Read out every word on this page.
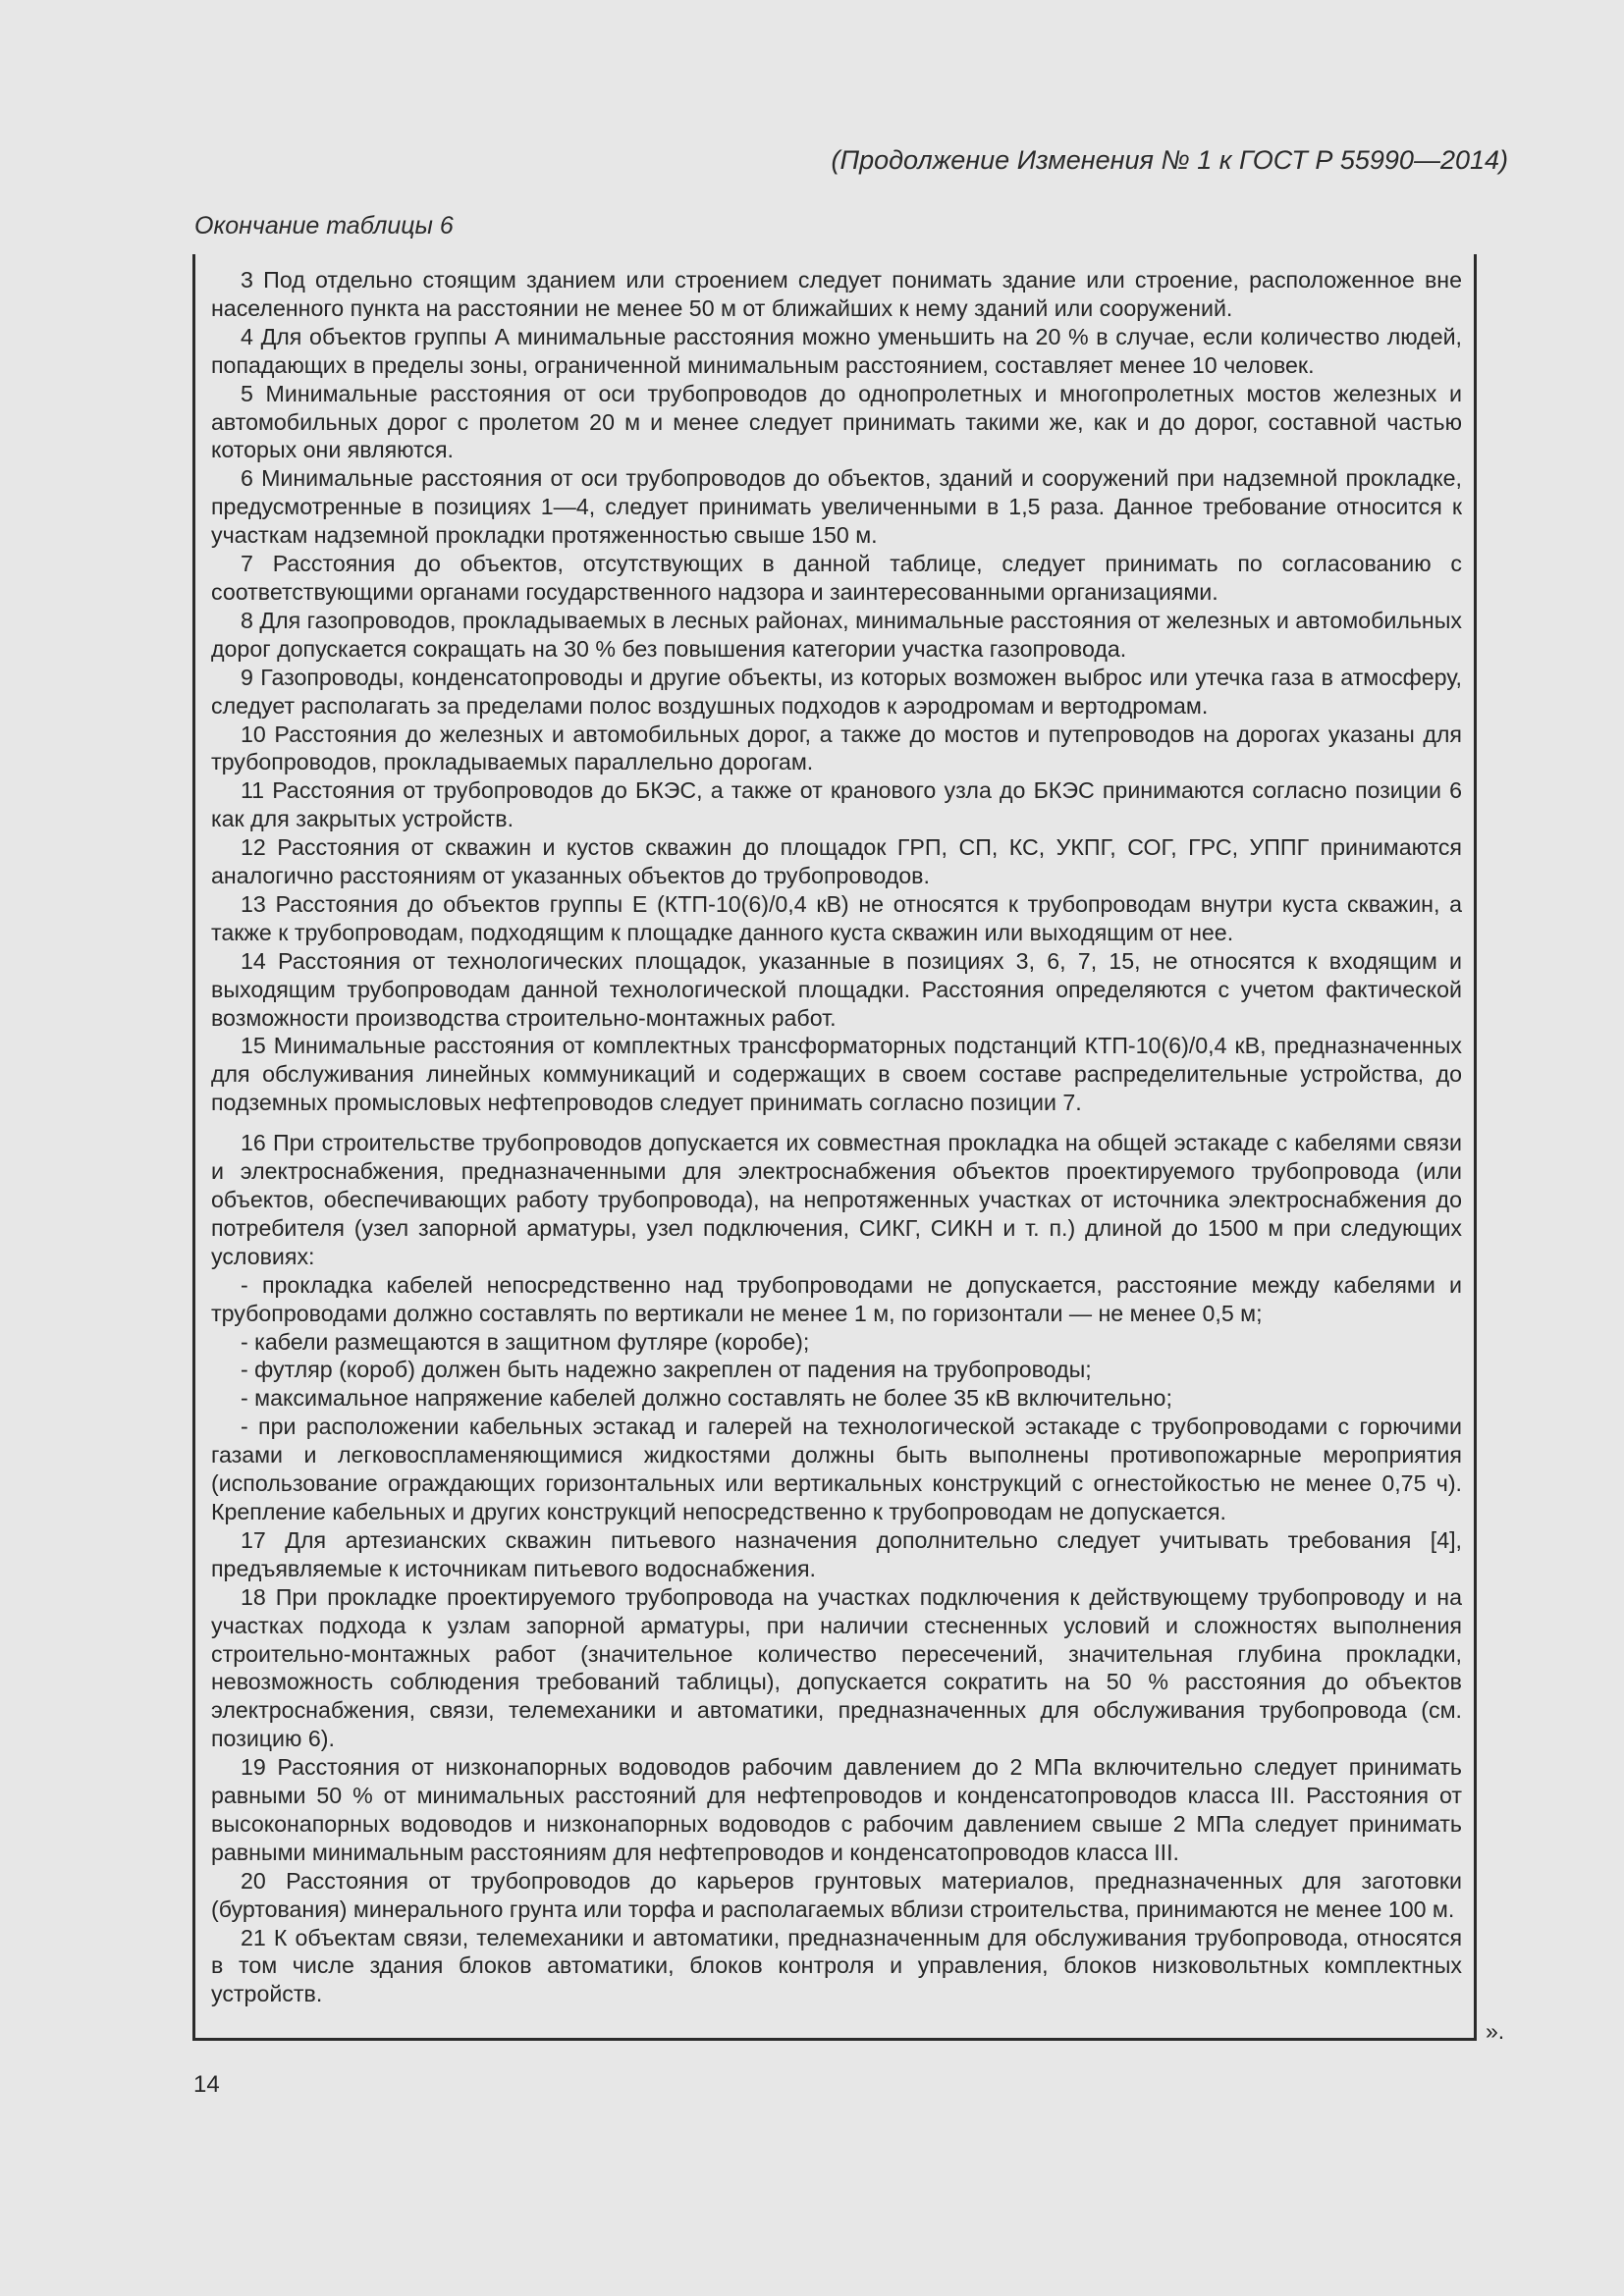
(Продолжение Изменения № 1 к ГОСТ Р 55990—2014)
Окончание таблицы 6

3 Под отдельно стоящим зданием или строением следует понимать здание или строение, расположенное вне населенного пункта на расстоянии не менее 50 м от ближайших к нему зданий или сооружений.

4 Для объектов группы А минимальные расстояния можно уменьшить на 20 % в случае, если количество людей, попадающих в пределы зоны, ограниченной минимальным расстоянием, составляет менее 10 человек.

5 Минимальные расстояния от оси трубопроводов до однопролетных и многопролетных мостов железных и автомобильных дорог с пролетом 20 м и менее следует принимать такими же, как и до дорог, составной частью которых они являются.

6 Минимальные расстояния от оси трубопроводов до объектов, зданий и сооружений при надземной прокладке, предусмотренные в позициях 1—4, следует принимать увеличенными в 1,5 раза. Данное требование относится к участкам надземной прокладки протяженностью свыше 150 м.

7 Расстояния до объектов, отсутствующих в данной таблице, следует принимать по согласованию с соответствующими органами государственного надзора и заинтересованными организациями.

8 Для газопроводов, прокладываемых в лесных районах, минимальные расстояния от железных и автомобильных дорог допускается сокращать на 30 % без повышения категории участка газопровода.

9 Газопроводы, конденсатопроводы и другие объекты, из которых возможен выброс или утечка газа в атмосферу, следует располагать за пределами полос воздушных подходов к аэродромам и вертодромам.

10 Расстояния до железных и автомобильных дорог, а также до мостов и путепроводов на дорогах указаны для трубопроводов, прокладываемых параллельно дорогам.

11 Расстояния от трубопроводов до БКЭС, а также от кранового узла до БКЭС принимаются согласно позиции 6 как для закрытых устройств.

12 Расстояния от скважин и кустов скважин до площадок ГРП, СП, КС, УКПГ, СОГ, ГРС, УППГ принимаются аналогично расстояниям от указанных объектов до трубопроводов.

13 Расстояния до объектов группы Е (КТП-10(6)/0,4 кВ) не относятся к трубопроводам внутри куста скважин, а также к трубопроводам, подходящим к площадке данного куста скважин или выходящим от нее.

14 Расстояния от технологических площадок, указанные в позициях 3, 6, 7, 15, не относятся к входящим и выходящим трубопроводам данной технологической площадки. Расстояния определяются с учетом фактической возможности производства строительно-монтажных работ.

15 Минимальные расстояния от комплектных трансформаторных подстанций КТП-10(6)/0,4 кВ, предназначенных для обслуживания линейных коммуникаций и содержащих в своем составе распределительные устройства, до подземных промысловых нефтепроводов следует принимать согласно позиции 7.

16 При строительстве трубопроводов допускается их совместная прокладка на общей эстакаде с кабелями связи и электроснабжения, предназначенными для электроснабжения объектов проектируемого трубопровода (или объектов, обеспечивающих работу трубопровода), на непротяженных участках от источника электроснабжения до потребителя (узел запорной арматуры, узел подключения, СИКГ, СИКН и т. п.) длиной до 1500 м при следующих условиях:

- прокладка кабелей непосредственно над трубопроводами не допускается, расстояние между кабелями и трубопроводами должно составлять по вертикали не менее 1 м, по горизонтали — не менее 0,5 м;

- кабели размещаются в защитном футляре (коробе);

- футляр (короб) должен быть надежно закреплен от падения на трубопроводы;

- максимальное напряжение кабелей должно составлять не более 35 кВ включительно;

- при расположении кабельных эстакад и галерей на технологической эстакаде с трубопроводами с горючими газами и легковоспламеняющимися жидкостями должны быть выполнены противопожарные мероприятия (использование ограждающих горизонтальных или вертикальных конструкций с огнестойкостью не менее 0,75 ч). Крепление кабельных и других конструкций непосредственно к трубопроводам не допускается.

17 Для артезианских скважин питьевого назначения дополнительно следует учитывать требования [4], предъявляемые к источникам питьевого водоснабжения.

18 При прокладке проектируемого трубопровода на участках подключения к действующему трубопроводу и на участках подхода к узлам запорной арматуры, при наличии стесненных условий и сложностях выполнения строительно-монтажных работ (значительное количество пересечений, значительная глубина прокладки, невозможность соблюдения требований таблицы), допускается сократить на 50 % расстояния до объектов электроснабжения, связи, телемеханики и автоматики, предназначенных для обслуживания трубопровода (см. позицию 6).

19 Расстояния от низконапорных водоводов рабочим давлением до 2 МПа включительно следует принимать равными 50 % от минимальных расстояний для нефтепроводов и конденсатопроводов класса III. Расстояния от высоконапорных водоводов и низконапорных водоводов с рабочим давлением свыше 2 МПа следует принимать равными минимальным расстояниям для нефтепроводов и конденсатопроводов класса III.

20 Расстояния от трубопроводов до карьеров грунтовых материалов, предназначенных для заготовки (буртования) минерального грунта или торфа и располагаемых вблизи строительства, принимаются не менее 100 м.

21 К объектам связи, телемеханики и автоматики, предназначенным для обслуживания трубопровода, относятся в том числе здания блоков автоматики, блоков контроля и управления, блоков низковольтных комплектных устройств.

».
14
